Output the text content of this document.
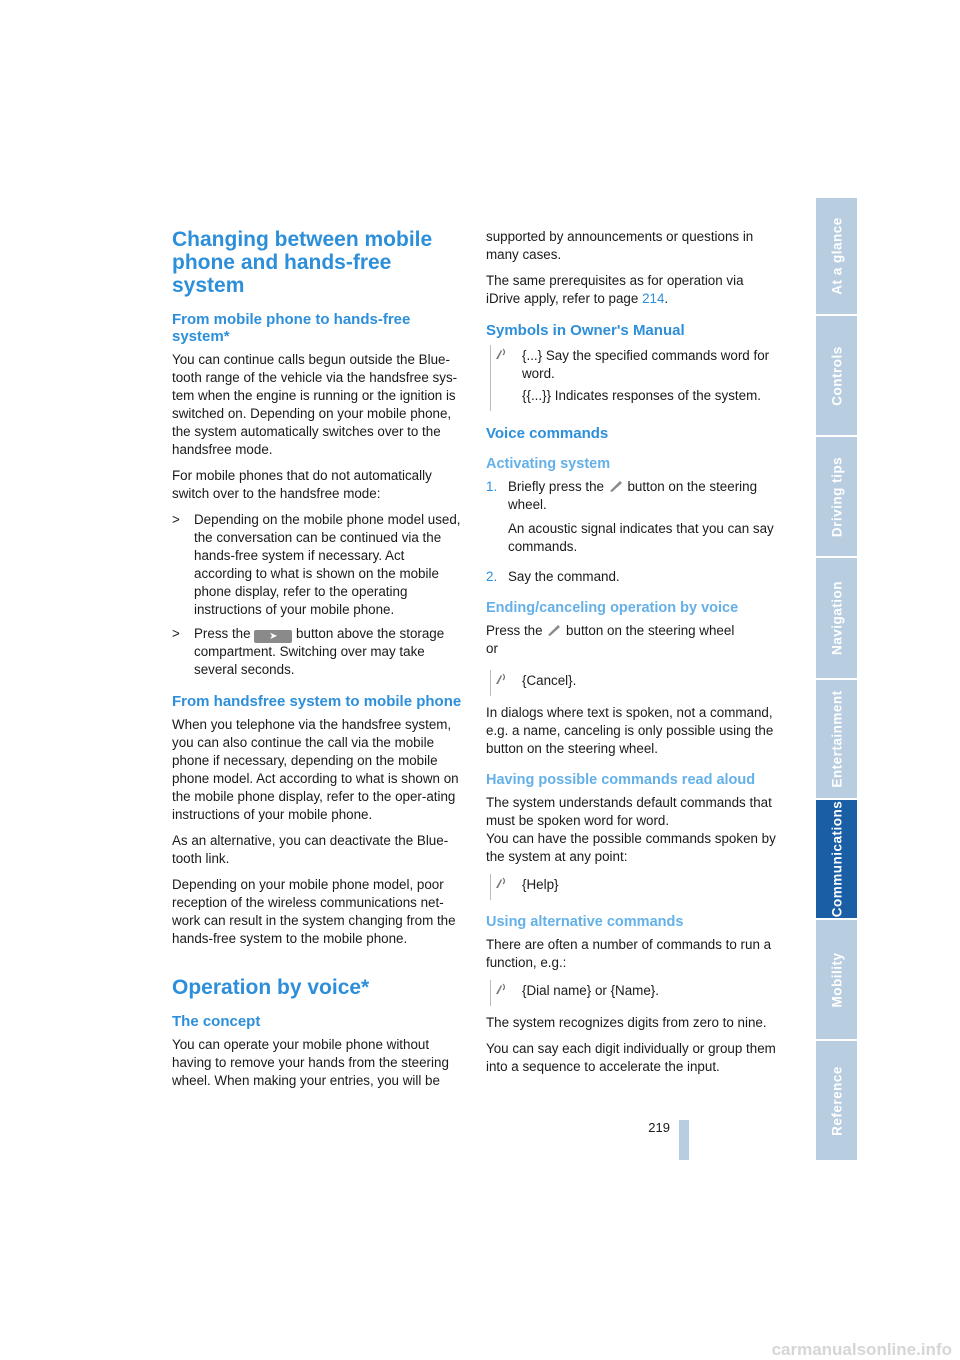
Changing between mobile phone and hands-free system
From mobile phone to hands-free system*

You can continue calls begun outside the Blue-tooth range of the vehicle via the handsfree sys-tem when the engine is running or the ignition is switched on. Depending on your mobile phone, the system automatically switches over to the handsfree mode.

For mobile phones that do not automatically switch over to the handsfree mode:

>	Depending on the mobile phone model used, the conversation can be continued via the hands-free system if necessary. Act according to what is shown on the mobile phone display, refer to the operating instructions of your mobile phone.
>	Press the ➤ button above the storage compartment. Switching over may take several seconds.
From handsfree system to mobile phone

When you telephone via the handsfree system, you can also continue the call via the mobile phone if necessary, depending on the mobile phone model. Act according to what is shown on the mobile phone display, refer to the oper-ating instructions of your mobile phone.

As an alternative, you can deactivate the Blue-tooth link.

Depending on your mobile phone model, poor reception of the wireless communications net-work can result in the system changing from the hands-free system to the mobile phone.

Operation by voice*
The concept

You can operate your mobile phone without having to remove your hands from the steering wheel. When making your entries, you will be

supported by announcements or questions in many cases.

The same prerequisites as for operation via iDrive apply, refer to page 214.

Symbols in Owner's Manual

{...} Say the specified commands word for word.

{{...}} Indicates responses of the system.

Voice commands
Activating system
1. Briefly press the button on the steering wheel.

An acoustic signal indicates that you can say commands.

2. Say the command.
Ending/canceling operation by voice

Press the button on the steering wheel
or

{Cancel}.

In dialogs where text is spoken, not a command, e.g. a name, canceling is only possible using the button on the steering wheel.

Having possible commands read aloud

The system understands default commands that must be spoken word for word.

You can have the possible commands spoken by the system at any point:

{Help}

Using alternative commands

There are often a number of commands to run a function, e.g.:

{Dial name} or {Name}.

The system recognizes digits from zero to nine.

You can say each digit individually or group them into a sequence to accelerate the input.

At a glance
Controls
Driving tips
Navigation
Entertainment
Communications
Mobility
Reference
219
carmanualsonline.info
